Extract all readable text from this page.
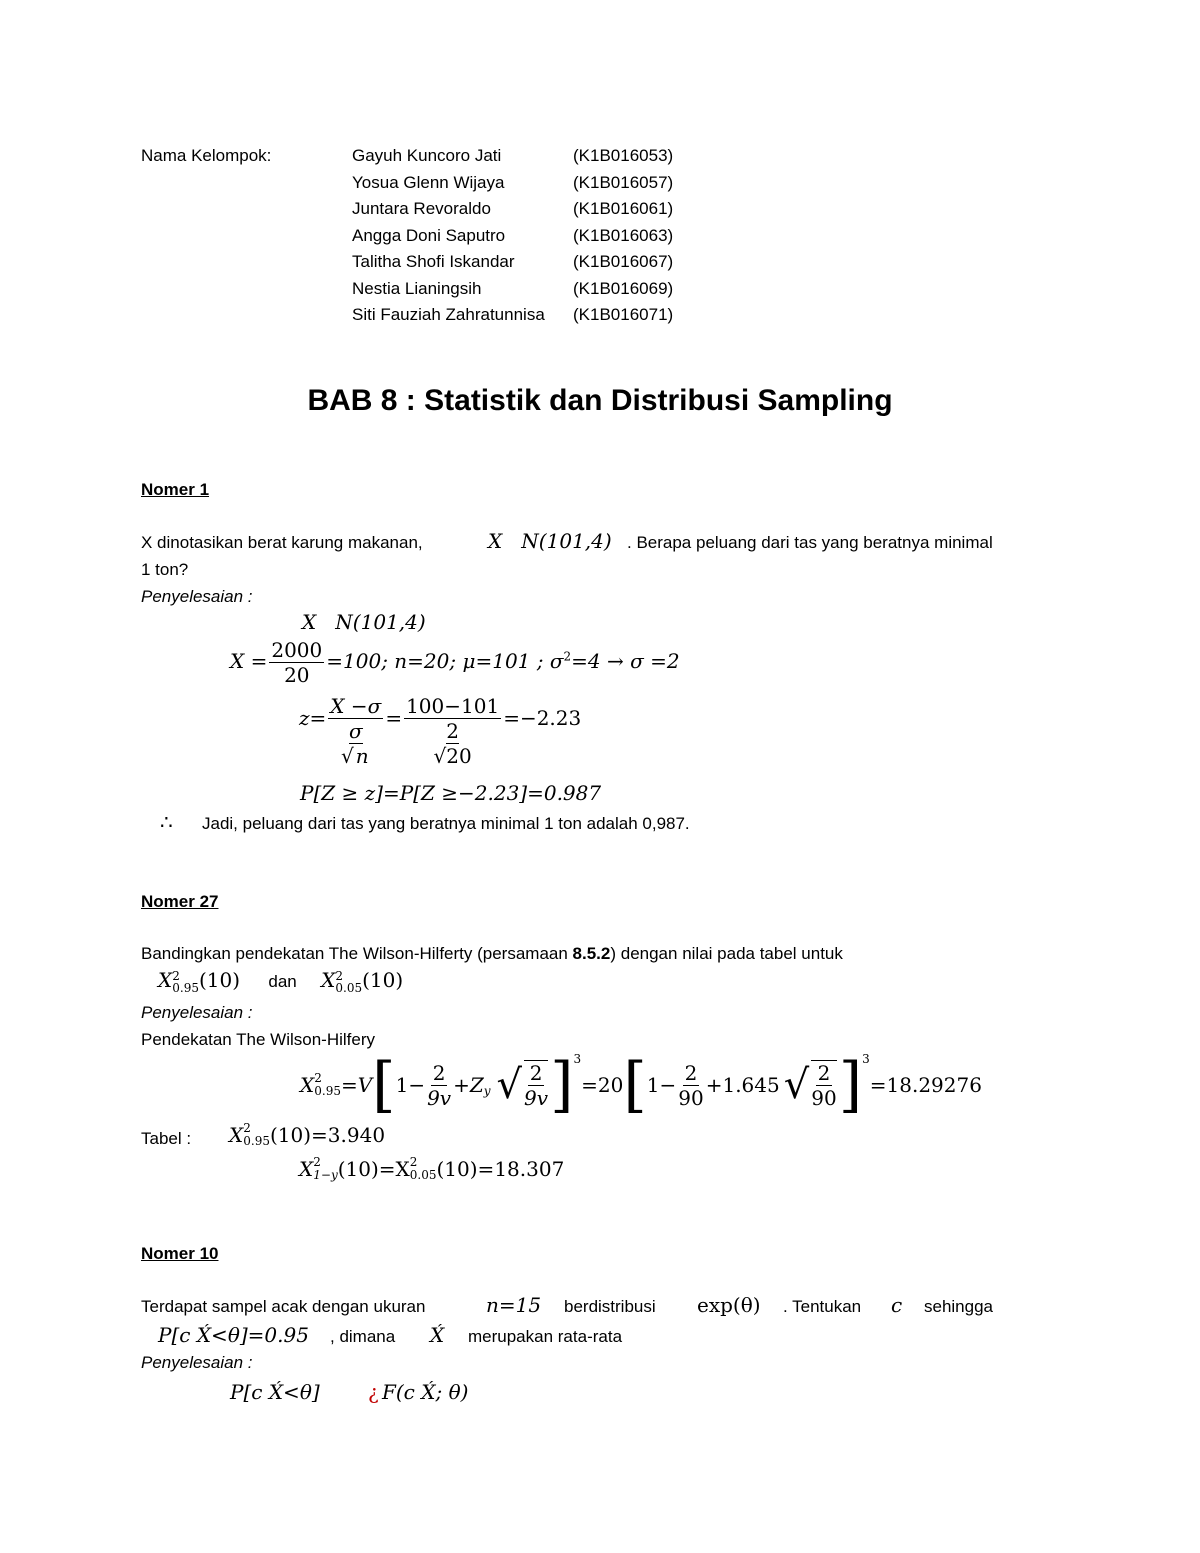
Nama Kelompok:	Gayuh Kuncoro Jati	(K1B016053)
Yosua Glenn Wijaya	(K1B016057)
Juntara Revoraldo	(K1B016061)
Angga Doni Saputro	(K1B016063)
Talitha Shofi Iskandar	(K1B016067)
Nestia Lianingsih	(K1B016069)
Siti Fauziah Zahratunnisa (K1B016071)
BAB 8 : Statistik dan Distribusi Sampling
Nomer 1
X dinotasikan berat karung makanan,	X   N(101,4) . Berapa peluang dari tas yang beratnya minimal
1 ton?
Penyelesaian :
X   N(101,4)
$X = \frac{2000}{20} =100$; n=20; μ=101 ; $\sigma^2=4 \to \sigma =2$
z= X −σ
σ
√ n
= 100−101
2
√20
=−2.23
P[Z ≥ z]=P[Z ≥−2.23]=0.987
∴ Jadi, peluang dari tas yang beratnya minimal 1 ton adalah 0,987.
Nomer 27
Bandingkan pendekatan The Wilson-Hilferty (persamaan 8.5.2) dengan nilai pada tabel untuk
X 2
0.95 (10) dan X 2
0.05 (10)
Penyelesaian :
Pendekatan The Wilson-Hilfery
X 2
0.95 =V [ $1- \frac{2}{9v} +Z_y$ √ $\frac{2}{9v} ]^3$
=20 [ $1- \frac{2}{90} +1.645$ √ $\frac{2}{90} ]^3$
=18.29276
Tabel : X 2
0.95 (10)=3.940
X 2
1−y (10)=X 2
0.05 (10)=18.307
Nomer 10
Terdapat sampel acak dengan ukuran	n=15 berdistribusi exp(θ) . Tentukan c sehingga
P[c X́<θ]=0.95 , dimana X́ merupakan rata-rata
Penyelesaian :
P[c X́<θ] ¿ F(c X́; θ)
